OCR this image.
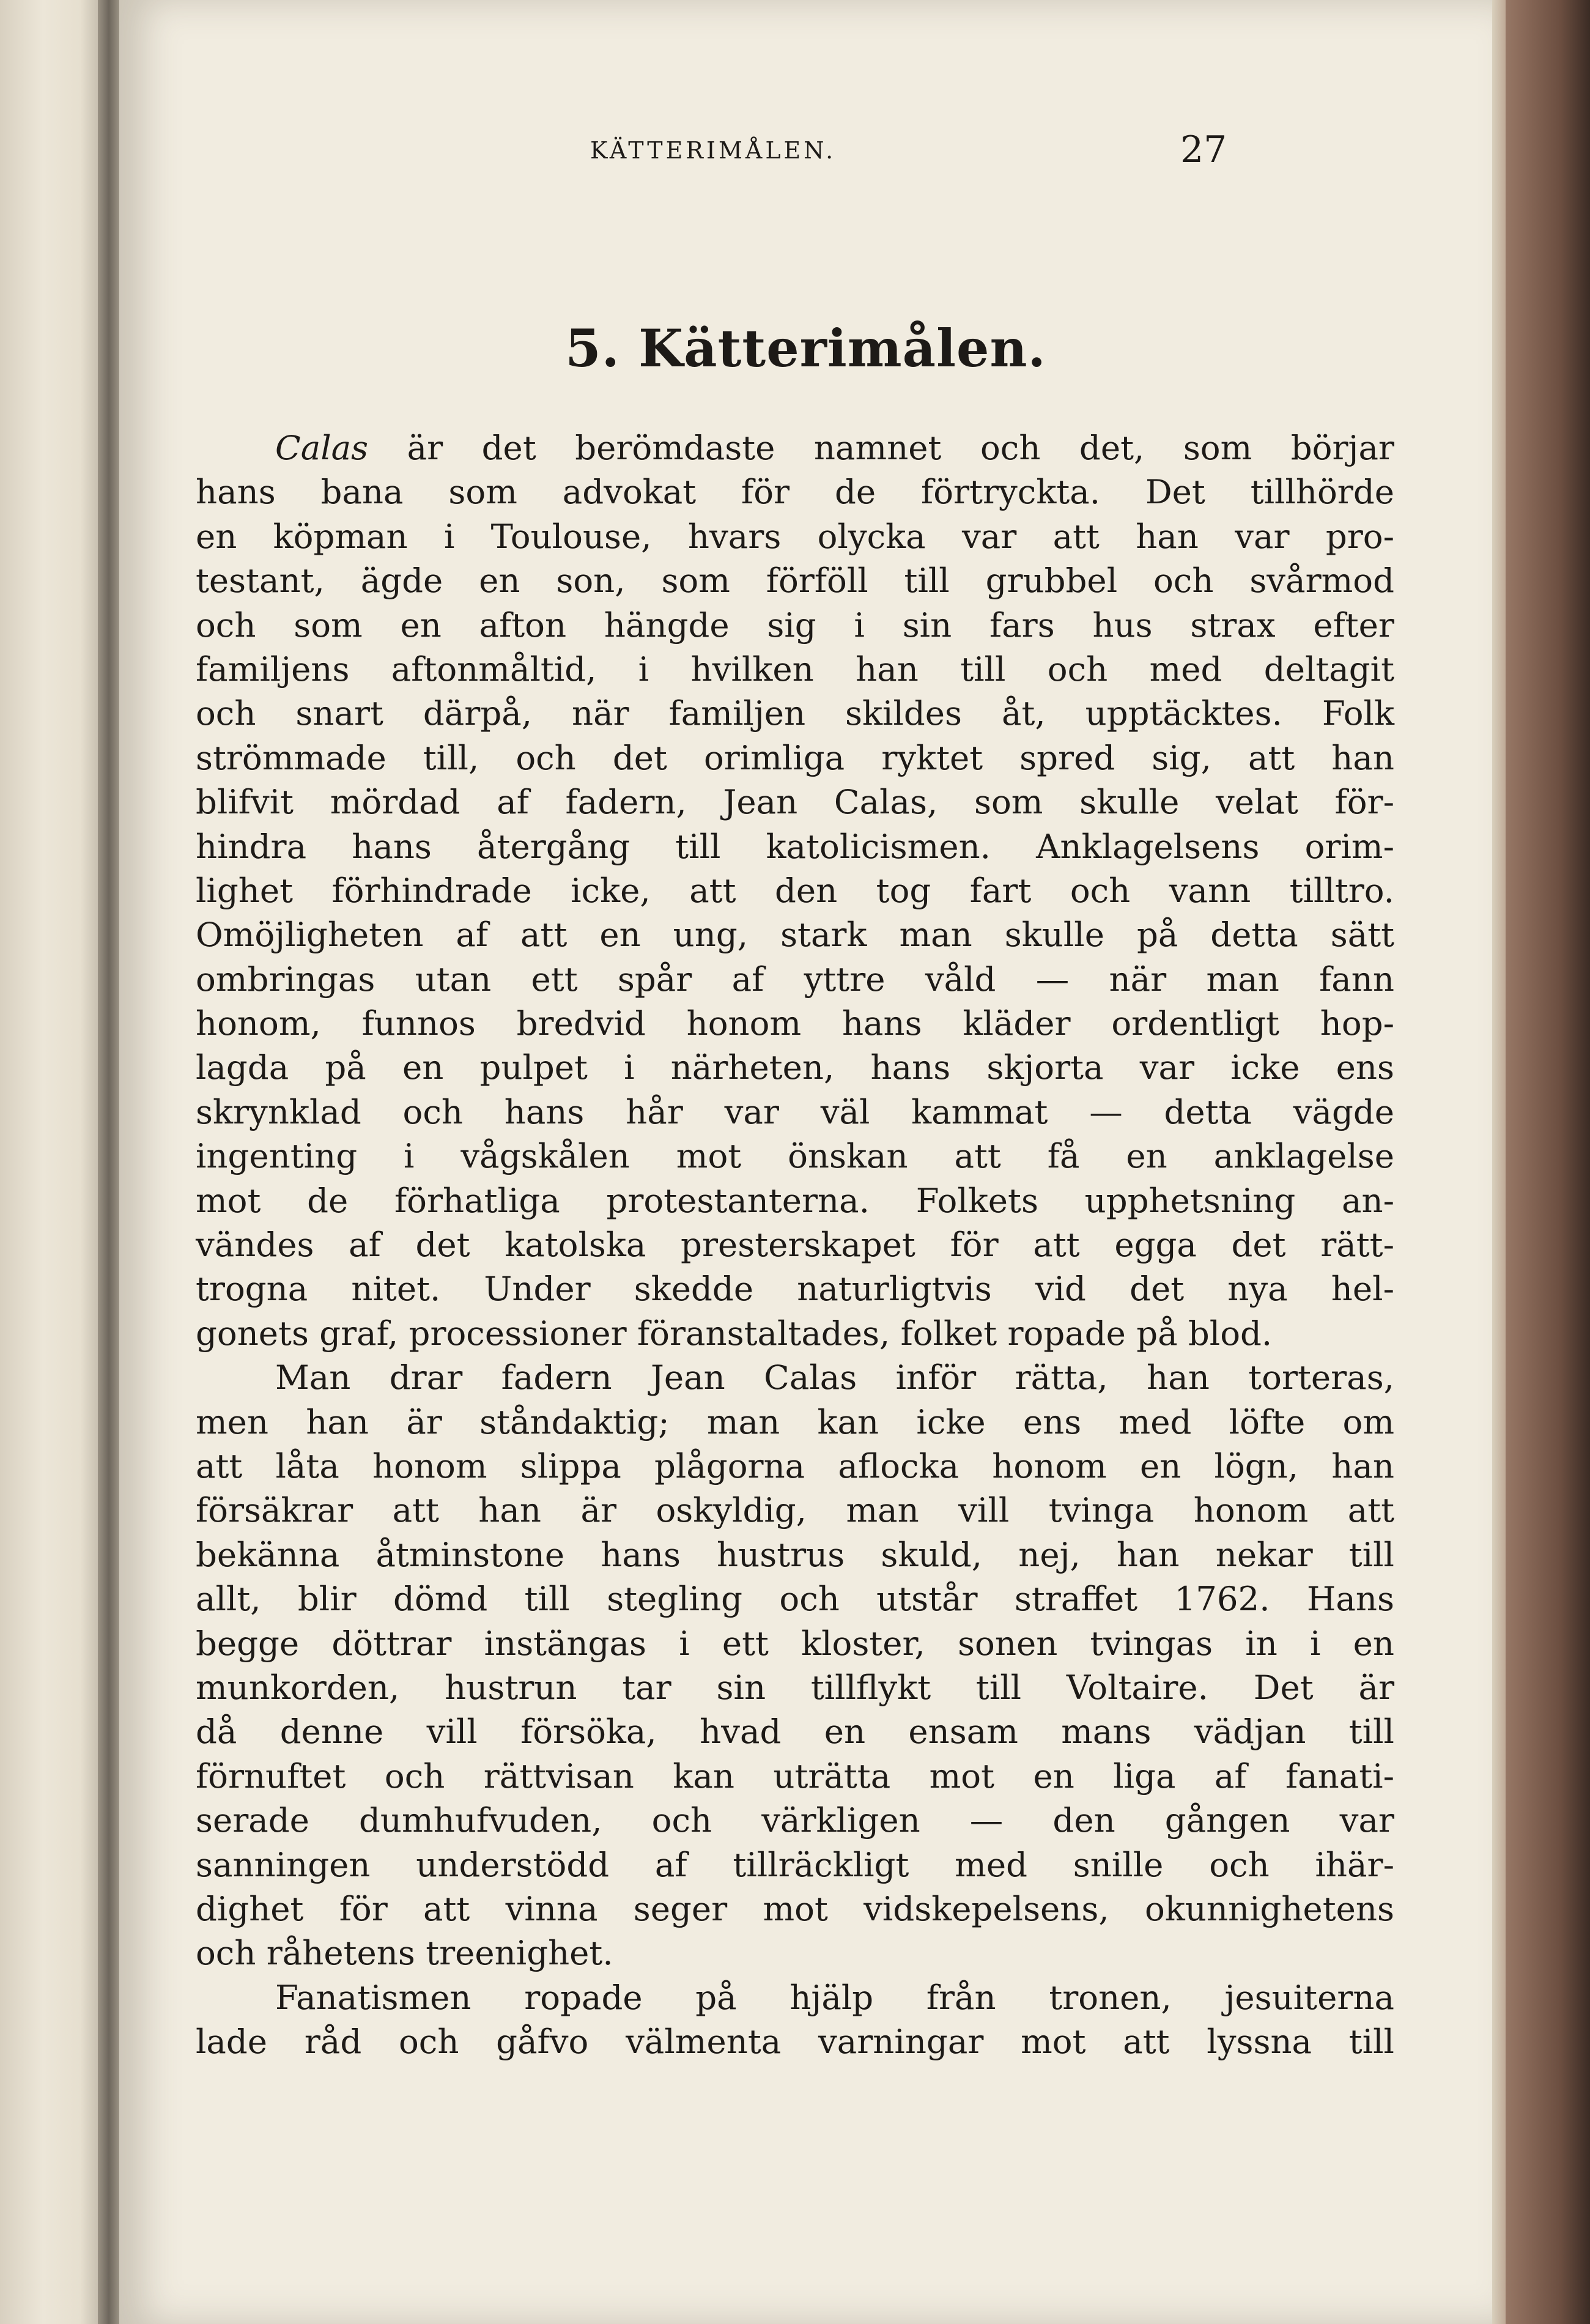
KÄTTERIMÅLEN.	27
5. Kätterimålen.
Calas är det berömdaste namnet och det, som börjar
hans bana som advokat för de förtryckta. Det tillhörde
en köpman i Toulouse, hvars olycka var att han var pro-
testant, ägde en son, som förföll till grubbel och svårmod
och som en afton hängde sig i sin fars hus strax efter
familjens aftonmåltid, i hvilken han till och med deltagit
och snart därpå, när familjen skildes åt, upptäcktes. Folk
strömmade till, och det orimliga ryktet spred sig, att han
blifvit mördad af fadern, Jean Calas, som skulle velat för-
hindra hans återgång till katolicismen. Anklagelsens orim-
lighet förhindrade icke, att den tog fart och vann tilltro.
Omöjligheten af att en ung, stark man skulle på detta sätt
ombringas utan ett spår af yttre våld — när man fann
honom, funnos bredvid honom hans kläder ordentligt hop-
lagda på en pulpet i närheten, hans skjorta var icke ens
skrynklad och hans hår var väl kammat — detta vägde
ingenting i vågskålen mot önskan att få en anklagelse
mot de förhatliga protestanterna. Folkets upphetsning an-
vändes af det katolska presterskapet för att egga det rätt-
trogna nitet. Under skedde naturligtvis vid det nya hel-
gonets graf, processioner föranstaltades, folket ropade på blod.
Man drar fadern Jean Calas inför rätta, han torteras,
men han är ståndaktig; man kan icke ens med löfte om
att låta honom slippa plågorna aflocka honom en lögn, han
försäkrar att han är oskyldig, man vill tvinga honom att
bekänna åtminstone hans hustrus skuld, nej, han nekar till
allt, blir dömd till stegling och utstår straffet 1762. Hans
begge döttrar instängas i ett kloster, sonen tvingas in i en
munkorden, hustrun tar sin tillflykt till Voltaire. Det är
då denne vill försöka, hvad en ensam mans vädjan till
förnuftet och rättvisan kan uträtta mot en liga af fanati-
serade dumhufvuden, och värkligen — den gången var
sanningen understödd af tillräckligt med snille och ihär-
dighet för att vinna seger mot vidskepelsens, okunnighetens
och råhetens treenighet.
Fanatismen ropade på hjälp från tronen, jesuiterna
lade råd och gåfvo välmenta varningar mot att lyssna till
